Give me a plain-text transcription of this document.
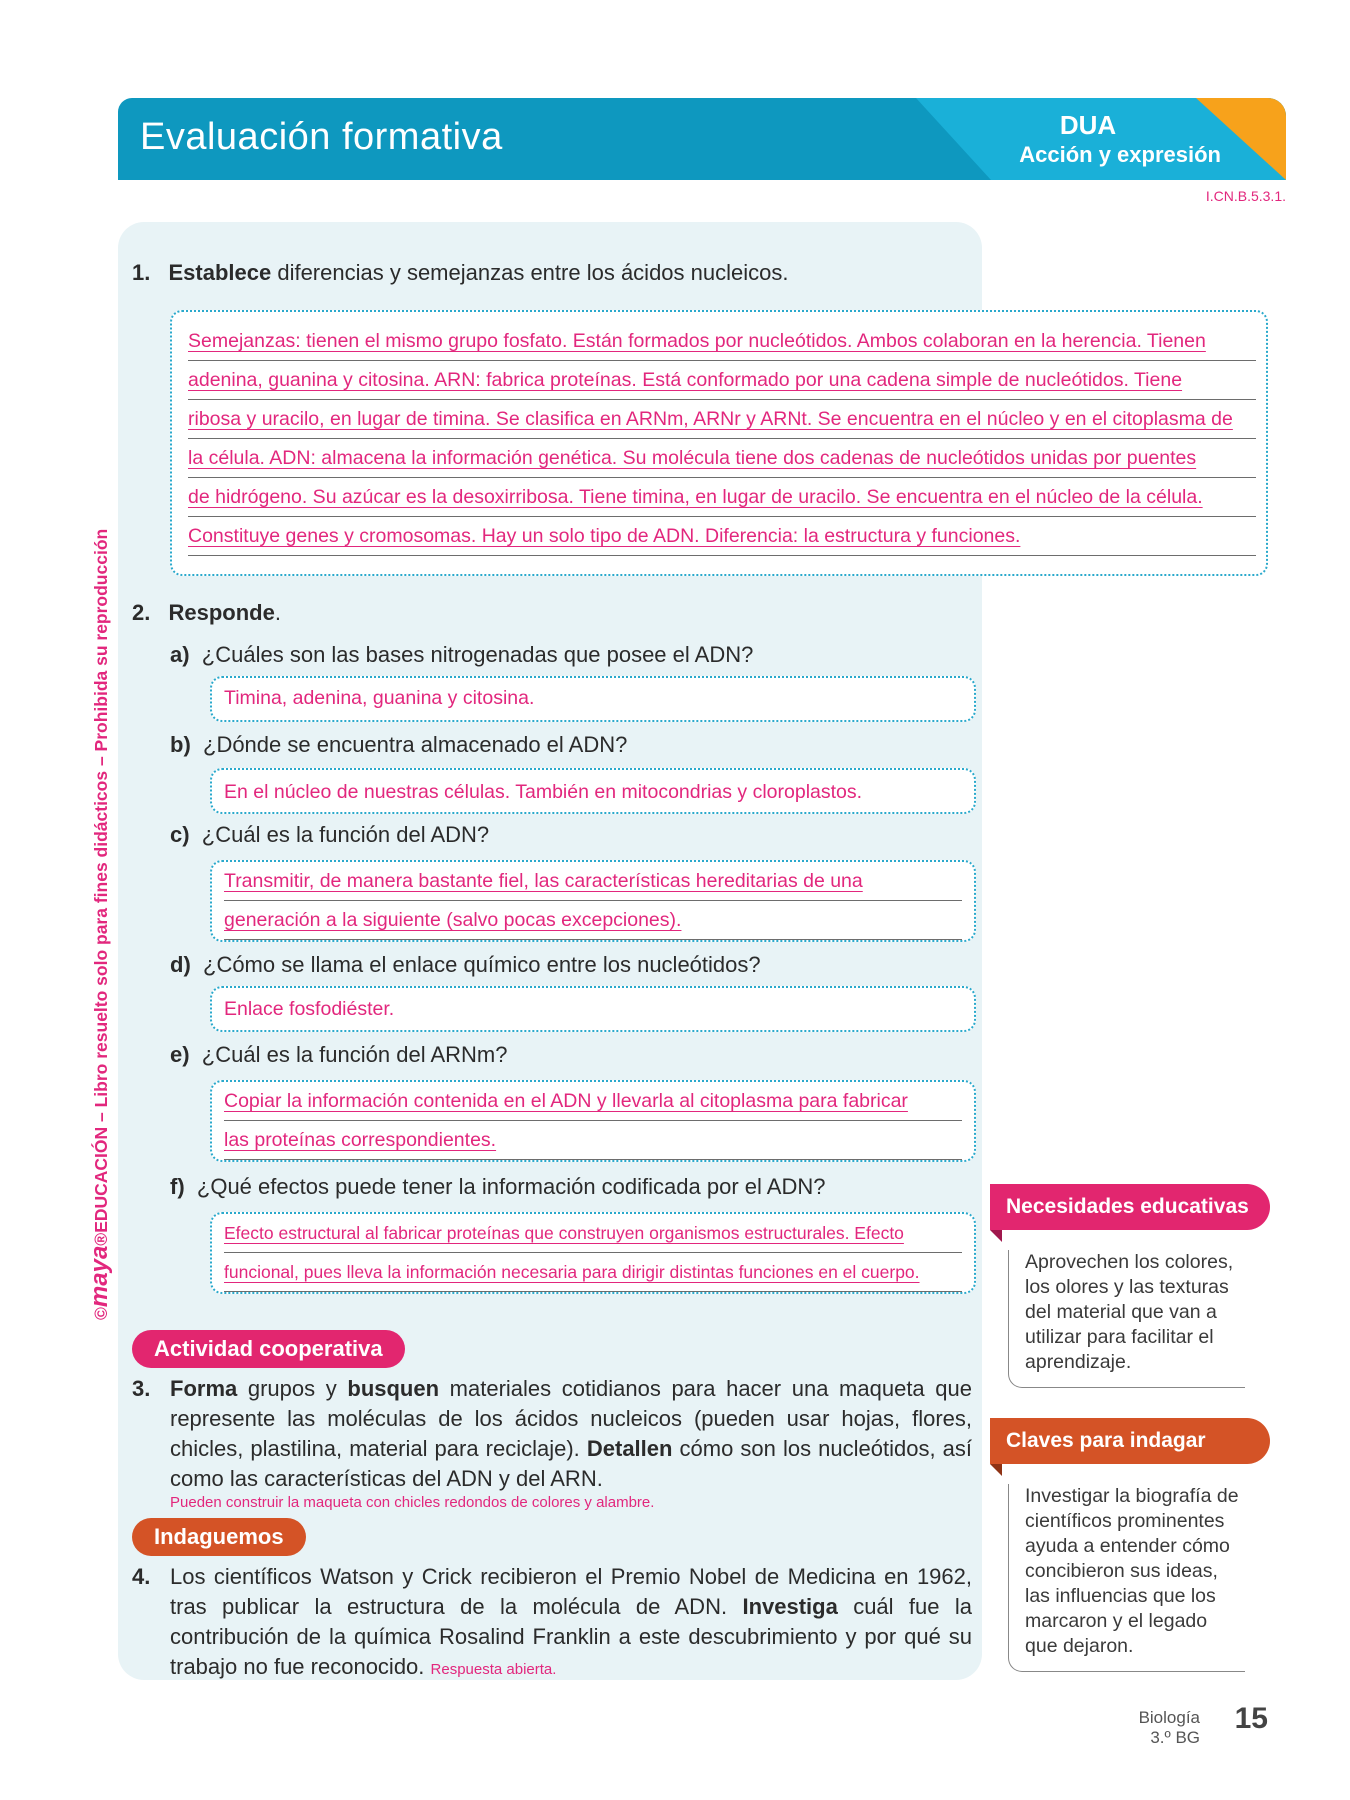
Evaluación formativa	DUA
Acción y expresión
I.CN.B.5.3.1.
©maya®EDUCACIÓN – Libro resuelto solo para fines didácticos – Prohibida su reproducción
1. Establece diferencias y semejanzas entre los ácidos nucleicos.
Semejanzas: tienen el mismo grupo fosfato. Están formados por nucleótidos. Ambos colaboran en la herencia. Tienen
adenina, guanina y citosina. ARN: fabrica proteínas. Está conformado por una cadena simple de nucleótidos. Tiene
ribosa y uracilo, en lugar de timina. Se clasifica en ARNm, ARNr y ARNt. Se encuentra en el núcleo y en el citoplasma de
la célula. ADN: almacena la información genética. Su molécula tiene dos cadenas de nucleótidos unidas por puentes
de hidrógeno. Su azúcar es la desoxirribosa. Tiene timina, en lugar de uracilo. Se encuentra en el núcleo de la célula.
Constituye genes y cromosomas. Hay un solo tipo de ADN. Diferencia: la estructura y funciones.
2. Responde.
a) ¿Cuáles son las bases nitrogenadas que posee el ADN?
Timina, adenina, guanina y citosina.
b) ¿Dónde se encuentra almacenado el ADN?
En el núcleo de nuestras células. También en mitocondrias y cloroplastos.
c) ¿Cuál es la función del ADN?
Transmitir, de manera bastante fiel, las características hereditarias de una
generación a la siguiente (salvo pocas excepciones).
d) ¿Cómo se llama el enlace químico entre los nucleótidos?
Enlace fosfodiéster.
e) ¿Cuál es la función del ARNm?
Copiar la información contenida en el ADN y llevarla al citoplasma para fabricar
las proteínas correspondientes.
f) ¿Qué efectos puede tener la información codificada por el ADN?
Efecto estructural al fabricar proteínas que construyen organismos estructurales. Efecto
funcional, pues lleva la información necesaria para dirigir distintas funciones en el cuerpo.
Actividad cooperativa
3. Forma grupos y busquen materiales cotidianos para hacer una maqueta que represente las moléculas de los ácidos nucleicos (pueden usar hojas, flores, chicles, plastilina, material para reciclaje). Detallen cómo son los nucleótidos, así como las características del ADN y del ARN.
Pueden construir la maqueta con chicles redondos de colores y alambre.
Indaguemos
4. Los científicos Watson y Crick recibieron el Premio Nobel de Medicina en 1962, tras publicar la estructura de la molécula de ADN. Investiga cuál fue la contribución de la química Rosalind Franklin a este descubrimiento y por qué su trabajo no fue reconocido. Respuesta abierta.
Necesidades educativas
Aprovechen los colores, los olores y las texturas del material que van a utilizar para facilitar el aprendizaje.
Claves para indagar
Investigar la biografía de científicos prominentes ayuda a entender cómo concibieron sus ideas, las influencias que los marcaron y el legado que dejaron.
Biología
3.º BG
15
